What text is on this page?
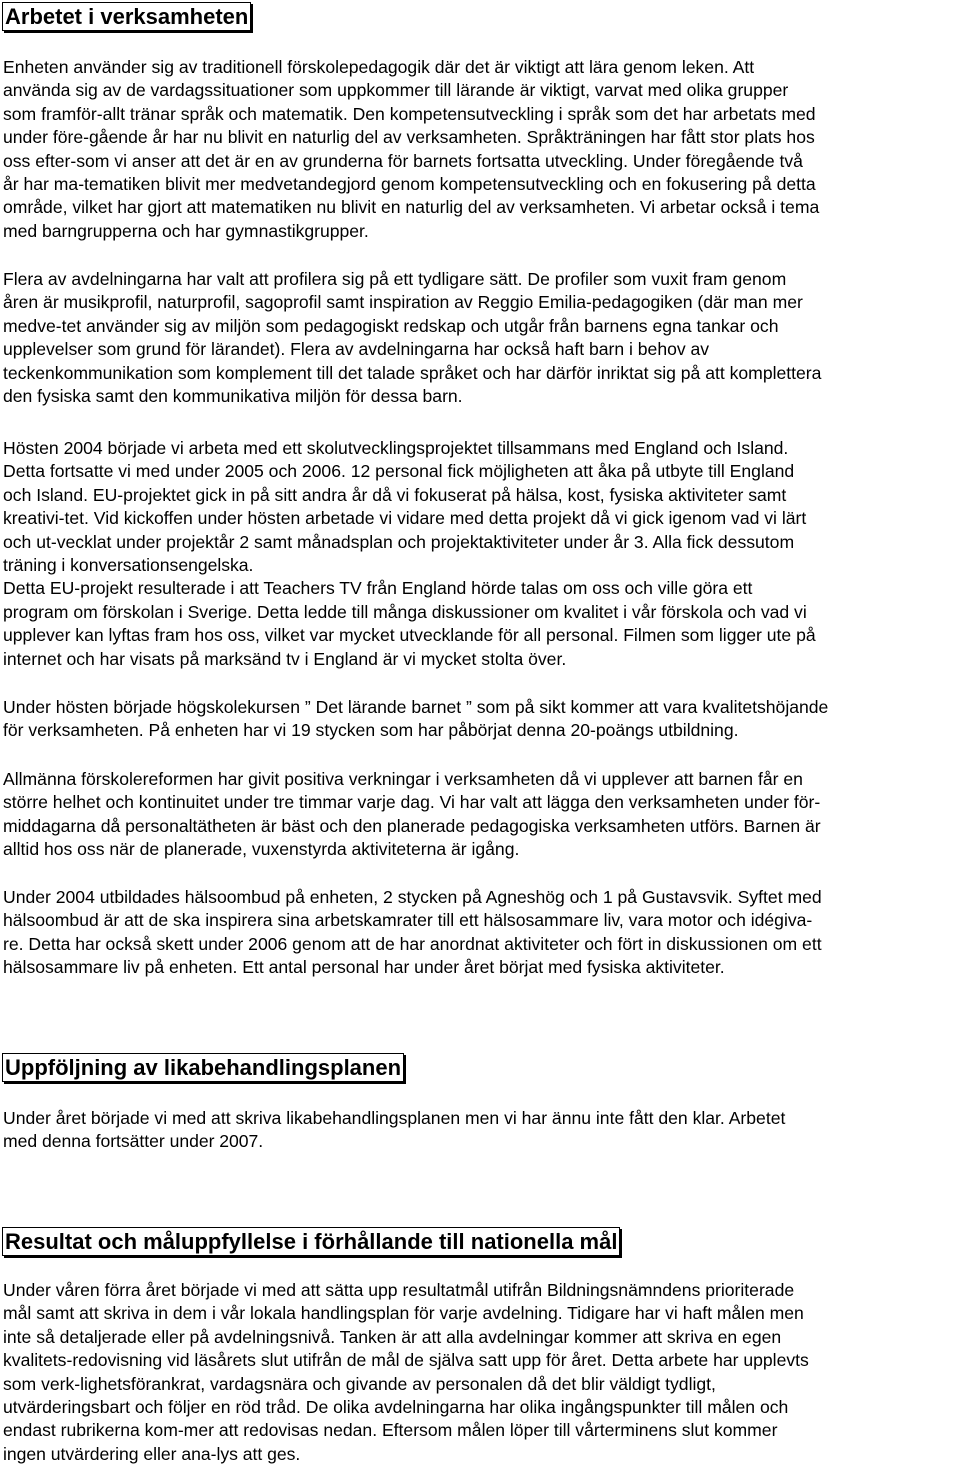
Arbetet i verksamheten
Enheten använder sig av traditionell förskolepedagogik där det är viktigt att lära genom leken. Att
använda sig av de vardagssituationer som uppkommer till lärande är viktigt, varvat med olika grupper
som framför-allt tränar språk och matematik. Den kompetensutveckling i språk som det har arbetats med
under före-gående år har nu blivit en naturlig del av verksamheten. Språkträningen har fått stor plats hos
oss efter-som vi anser att det är en av grunderna för barnets fortsatta utveckling. Under föregående två
år har ma-tematiken blivit mer medvetandegjord genom kompetensutveckling och en fokusering på detta
område, vilket har gjort att matematiken nu blivit en naturlig del av verksamheten. Vi arbetar också i tema
med barngrupperna och har gymnastikgrupper.
Flera av avdelningarna har valt att profilera sig på ett tydligare sätt. De profiler som vuxit fram genom
åren är musikprofil, naturprofil, sagoprofil samt inspiration av Reggio Emilia-pedagogiken (där man mer
medve-tet använder sig av miljön som pedagogiskt redskap och utgår från barnens egna tankar och
upplevelser som grund för lärandet). Flera av avdelningarna har också haft barn i behov av
teckenkommunikation som komplement till det talade språket och har därför inriktat sig på att komplettera
den fysiska samt den kommunikativa miljön för dessa barn.
Hösten 2004 började vi arbeta med ett skolutvecklingsprojektet tillsammans med England och Island.
Detta fortsatte vi med under 2005 och 2006. 12 personal fick möjligheten att åka på utbyte till England
och Island. EU-projektet gick in på sitt andra år då vi fokuserat på hälsa, kost, fysiska aktiviteter samt
kreativi-tet. Vid kickoffen under hösten arbetade vi vidare med detta projekt då vi gick igenom vad vi lärt
och ut-vecklat under projektår 2 samt månadsplan och projektaktiviteter under år 3. Alla fick dessutom
träning i konversationsengelska.
Detta EU-projekt resulterade i att Teachers TV från England hörde talas om oss och ville göra ett
program om förskolan i Sverige. Detta ledde till många diskussioner om kvalitet i vår förskola och vad vi
upplever kan lyftas fram hos oss, vilket var mycket utvecklande för all personal. Filmen som ligger ute på
internet och har visats på marksänd tv i England är vi mycket stolta över.
Under hösten började högskolekursen ” Det lärande barnet ” som på sikt kommer att vara kvalitetshöjande
för verksamheten. På enheten har vi 19 stycken som har påbörjat denna 20-poängs utbildning.
Allmänna förskolereformen har givit positiva verkningar i verksamheten då vi upplever att barnen får en
större helhet och kontinuitet under tre timmar varje dag. Vi har valt att lägga den verksamheten under för-
middagarna då personaltätheten är bäst och den planerade pedagogiska verksamheten utförs. Barnen är
alltid hos oss när de planerade, vuxenstyrda aktiviteterna är igång.
Under 2004 utbildades hälsoombud på enheten, 2 stycken på Agneshög och 1 på Gustavsvik. Syftet med
hälsoombud är att de ska inspirera sina arbetskamrater till ett hälsosammare liv, vara motor och idégiva-
re. Detta har också skett under 2006 genom att de har anordnat aktiviteter och fört in diskussionen om ett
hälsosammare liv på enheten. Ett antal personal har under året börjat med fysiska aktiviteter.
Uppföljning av likabehandlingsplanen
Under året började vi med att skriva likabehandlingsplanen men vi har ännu inte fått den klar. Arbetet
med denna fortsätter under 2007.
Resultat och måluppfyllelse i förhållande till nationella mål
Under våren förra året började vi med att sätta upp resultatmål utifrån Bildningsnämndens prioriterade
mål samt att skriva in dem i vår lokala handlingsplan för varje avdelning. Tidigare har vi haft målen men
inte så detaljerade eller på avdelningsnivå. Tanken är att alla avdelningar kommer att skriva en egen
kvalitets-redovisning vid läsårets slut utifrån de mål de själva satt upp för året. Detta arbete har upplevts
som verk-lighetsförankrat, vardagsnära och givande av personalen då det blir väldigt tydligt,
utvärderingsbart och följer en röd tråd. De olika avdelningarna har olika ingångspunkter till målen och
endast rubrikerna kom-mer att redovisas nedan. Eftersom målen löper till vårterminens slut kommer
ingen utvärdering eller ana-lys att ges.
